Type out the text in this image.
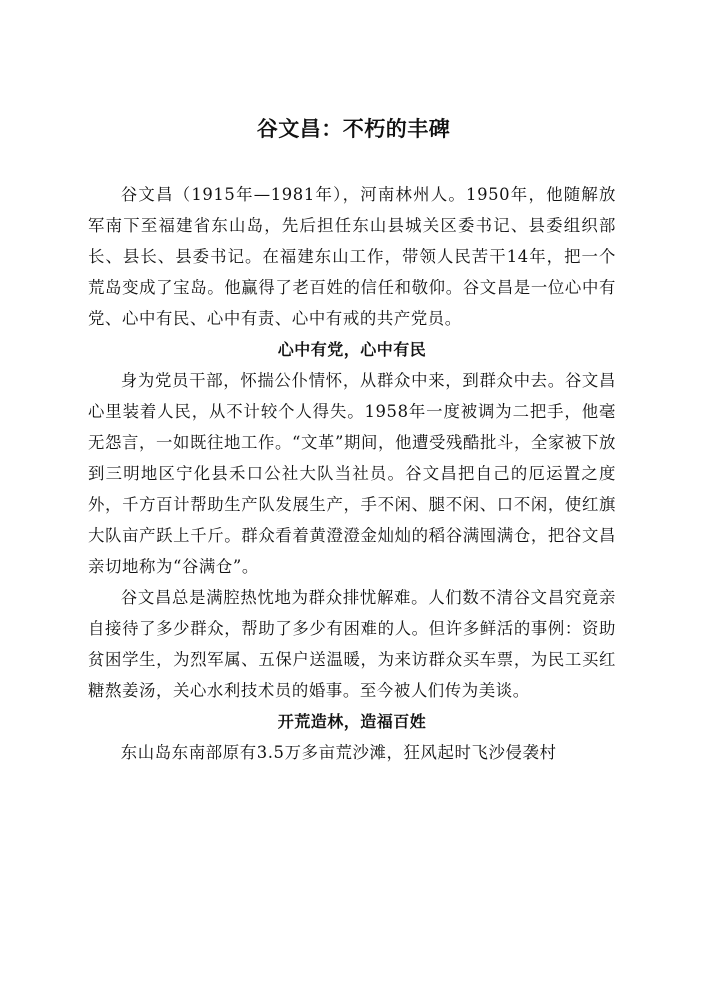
谷文昌：不朽的丰碑

谷文昌（1915年—1981年），河南林州人。1950年，他随解放军南下至福建省东山岛，先后担任东山县城关区委书记、县委组织部长、县长、县委书记。在福建东山工作，带领人民苦干14年，把一个荒岛变成了宝岛。他赢得了老百姓的信任和敬仰。谷文昌是一位心中有党、心中有民、心中有责、心中有戒的共产党员。

心中有党，心中有民

身为党员干部，怀揣公仆情怀，从群众中来，到群众中去。谷文昌心里装着人民，从不计较个人得失。1958年一度被调为二把手，他毫无怨言，一如既往地工作。“文革”期间，他遭受残酷批斗，全家被下放到三明地区宁化县禾口公社大队当社员。谷文昌把自己的厄运置之度外，千方百计帮助生产队发展生产，手不闲、腿不闲、口不闲，使红旗大队亩产跃上千斤。群众看着黄澄澄金灿灿的稻谷满囤满仓，把谷文昌亲切地称为“谷满仓”。

谷文昌总是满腔热忱地为群众排忧解难。人们数不清谷文昌究竟亲自接待了多少群众，帮助了多少有困难的人。但许多鲜活的事例：资助贫困学生，为烈军属、五保户送温暖，为来访群众买车票，为民工买红糖熬姜汤，关心水利技术员的婚事。至今被人们传为美谈。

开荒造林，造福百姓

东山岛东南部原有3.5万多亩荒沙滩，狂风起时飞沙侵袭村
